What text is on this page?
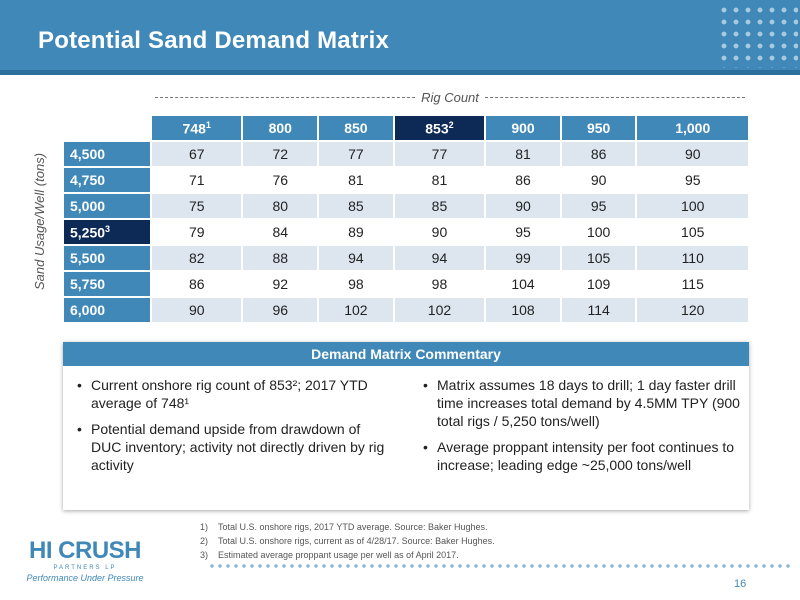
Potential Sand Demand Matrix
Rig Count
Sand Usage/Well (tons)
	$748^1$	800	850	$853^2$	900	950	1,000
4,500	67	72	77	77	81	86	90
4,750	71	76	81	81	86	90	95
5,000	75	80	85	85	90	95	100
5,250$^3$	79	84	89	90	95	100	105
5,500	82	88	94	94	99	105	110
5,750	86	92	98	98	104	109	115
6,000	90	96	102	102	108	114	120
Demand Matrix Commentary
• Current onshore rig count of 853²; 2017 YTD average of 748¹
• Potential demand upside from drawdown of DUC inventory; activity not directly driven by rig activity
• Matrix assumes 18 days to drill; 1 day faster drill time increases total demand by 4.5MM TPY (900 total rigs / 5,250 tons/well)
• Average proppant intensity per foot continues to increase; leading edge ~25,000 tons/well
1) Total U.S. onshore rigs, 2017 YTD average. Source: Baker Hughes.
2) Total U.S. onshore rigs, current as of 4/28/17. Source: Baker Hughes.
3) Estimated average proppant usage per well as of April 2017.
HI CRUSH
PARTNERS LP
Performance Under Pressure	16
